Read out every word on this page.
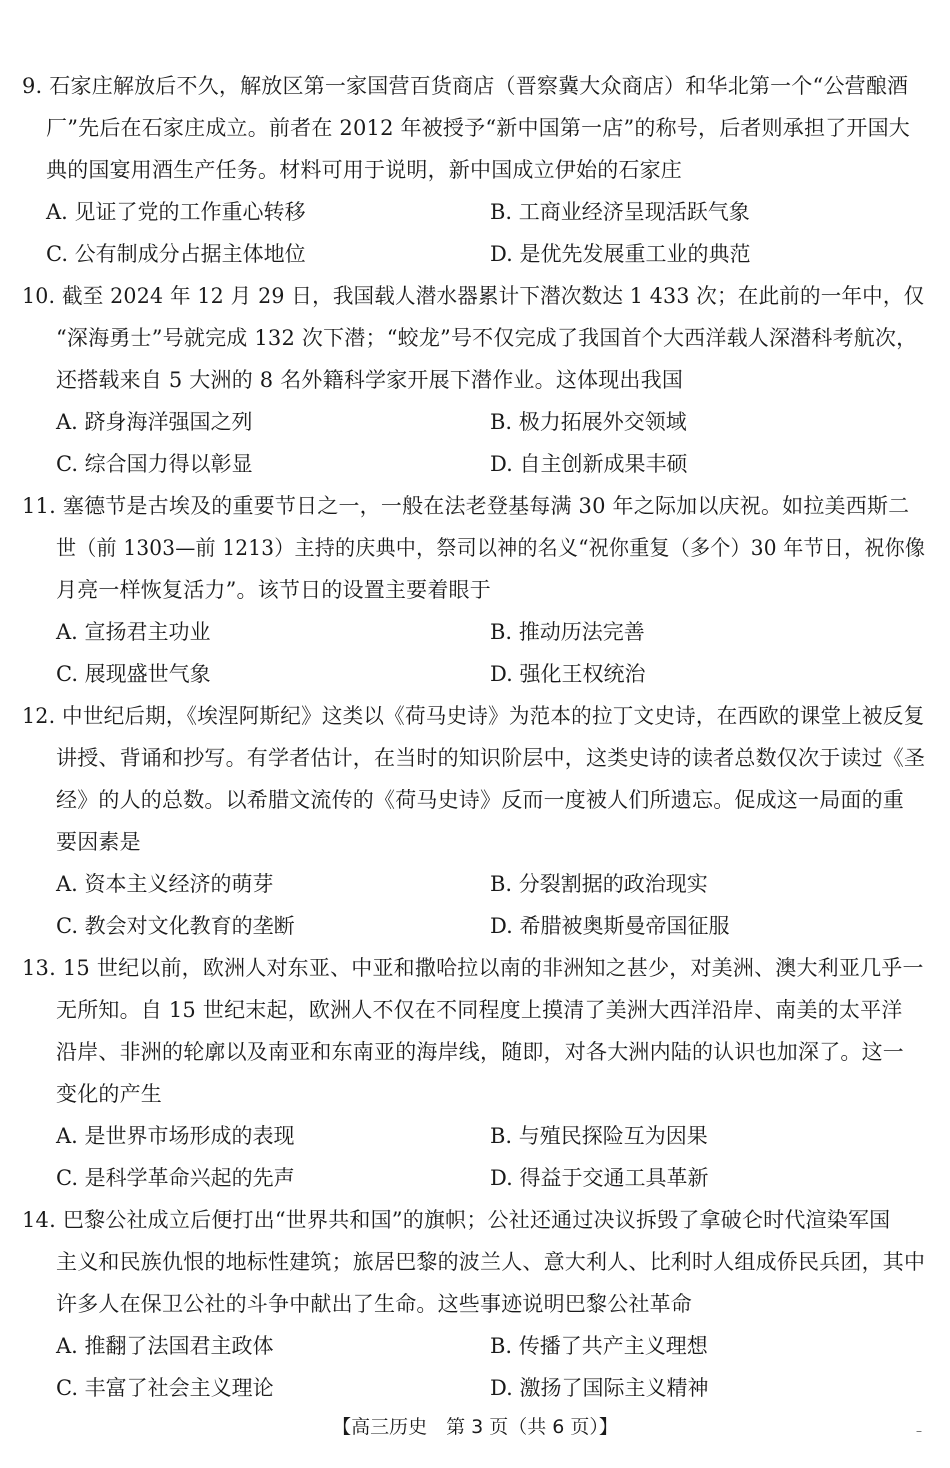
9. 石家庄解放后不久，解放区第一家国营百货商店（晋察冀大众商店）和华北第一个“公营酿酒
厂”先后在石家庄成立。前者在 2012 年被授予“新中国第一店”的称号，后者则承担了开国大
典的国宴用酒生产任务。材料可用于说明，新中国成立伊始的石家庄
A. 见证了党的工作重心转移	B. 工商业经济呈现活跃气象
C. 公有制成分占据主体地位	D. 是优先发展重工业的典范
10. 截至 2024 年 12 月 29 日，我国载人潜水器累计下潜次数达 1 433 次；在此前的一年中，仅
“深海勇士”号就完成 132 次下潜；“蛟龙”号不仅完成了我国首个大西洋载人深潜科考航次，
还搭载来自 5 大洲的 8 名外籍科学家开展下潜作业。这体现出我国
A. 跻身海洋强国之列	B. 极力拓展外交领域
C. 综合国力得以彰显	D. 自主创新成果丰硕
11. 塞德节是古埃及的重要节日之一，一般在法老登基每满 30 年之际加以庆祝。如拉美西斯二
世（前 1303—前 1213）主持的庆典中，祭司以神的名义“祝你重复（多个）30 年节日，祝你像
月亮一样恢复活力”。该节日的设置主要着眼于
A. 宣扬君主功业	B. 推动历法完善
C. 展现盛世气象	D. 强化王权统治
12. 中世纪后期，《埃涅阿斯纪》这类以《荷马史诗》为范本的拉丁文史诗，在西欧的课堂上被反复
讲授、背诵和抄写。有学者估计，在当时的知识阶层中，这类史诗的读者总数仅次于读过《圣
经》的人的总数。以希腊文流传的《荷马史诗》反而一度被人们所遗忘。促成这一局面的重
要因素是
A. 资本主义经济的萌芽	B. 分裂割据的政治现实
C. 教会对文化教育的垄断	D. 希腊被奥斯曼帝国征服
13. 15 世纪以前，欧洲人对东亚、中亚和撒哈拉以南的非洲知之甚少，对美洲、澳大利亚几乎一
无所知。自 15 世纪末起，欧洲人不仅在不同程度上摸清了美洲大西洋沿岸、南美的太平洋
沿岸、非洲的轮廓以及南亚和东南亚的海岸线，随即，对各大洲内陆的认识也加深了。这一
变化的产生
A. 是世界市场形成的表现	B. 与殖民探险互为因果
C. 是科学革命兴起的先声	D. 得益于交通工具革新
14. 巴黎公社成立后便打出“世界共和国”的旗帜；公社还通过决议拆毁了拿破仑时代渲染军国
主义和民族仇恨的地标性建筑；旅居巴黎的波兰人、意大利人、比利时人组成侨民兵团，其中
许多人在保卫公社的斗争中献出了生命。这些事迹说明巴黎公社革命
A. 推翻了法国君主政体	B. 传播了共产主义理想
C. 丰富了社会主义理论	D. 激扬了国际主义精神
【高三历史　第 3 页（共 6 页）】	–
